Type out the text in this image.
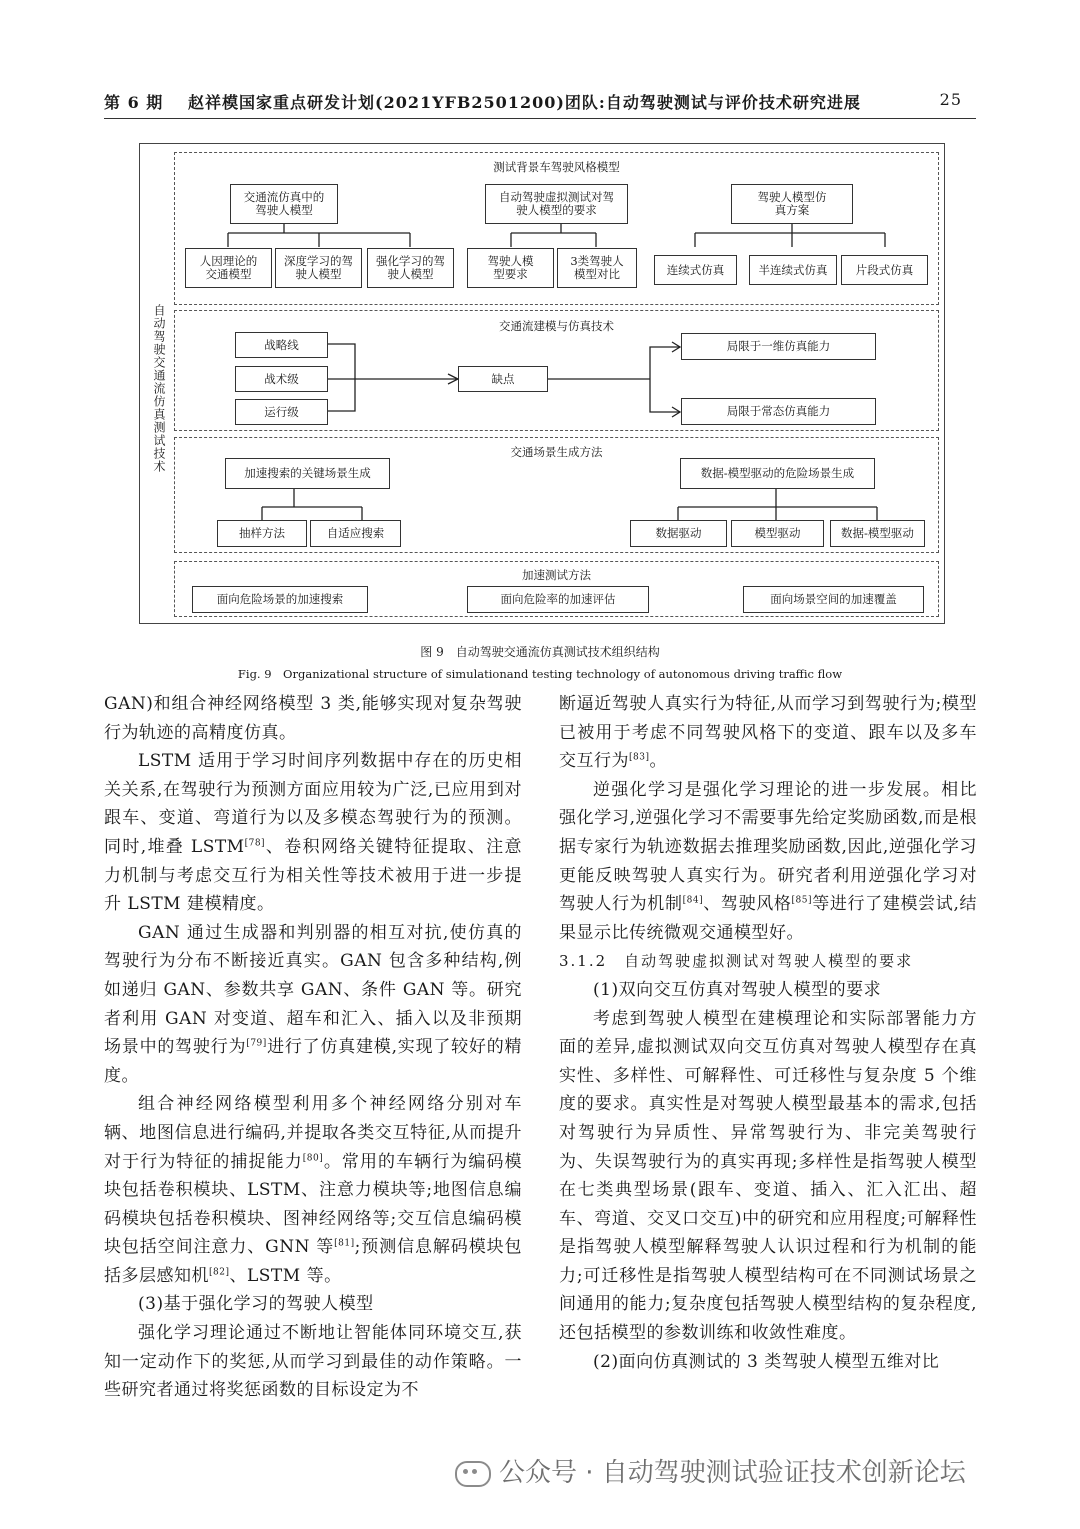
第 6 期 赵祥模国家重点研发计划(2021YFB2501200)团队:自动驾驶测试与评价技术研究进展	25
自动驾驶交通流仿真测试技术
测试背景车驾驶风格模型
交通流仿真中的驾驶人模型
自动驾驶虚拟测试对驾驶人模型的要求
驾驶人模型仿真方案
人因理论的交通模型
深度学习的驾驶人模型
强化学习的驾驶人模型
驾驶人模型要求
3类驾驶人模型对比	连续式仿真	半连续式仿真	片段式仿真
交通流建模与仿真技术
战略线
战术级
运行级
缺点
局限于一维仿真能力
局限于常态仿真能力
交通场景生成方法
加速搜索的关键场景生成	数据-模型驱动的危险场景生成
抽样方法	自适应搜索	数据驱动	模型驱动	数据-模型驱动
加速测试方法
面向危险场景的加速搜索	面向危险率的加速评估	面向场景空间的加速覆盖
图 9　自动驾驶交通流仿真测试技术组织结构
Fig. 9　Organizational structure of simulationand testing technology of autonomous driving traffic flow

GAN)和组合神经网络模型 3 类,能够实现对复杂驾驶行为轨迹的高精度仿真。

LSTM 适用于学习时间序列数据中存在的历史相关关系,在驾驶行为预测方面应用较为广泛,已应用到对跟车、变道、弯道行为以及多模态驾驶行为的预测。同时,堆叠 LSTM[78]、卷积网络关键特征提取、注意力机制与考虑交互行为相关性等技术被用于进一步提升 LSTM 建模精度。

GAN 通过生成器和判别器的相互对抗,使仿真的驾驶行为分布不断接近真实。GAN 包含多种结构,例如递归 GAN、参数共享 GAN、条件 GAN 等。研究者利用 GAN 对变道、超车和汇入、插入以及非预期场景中的驾驶行为[79]进行了仿真建模,实现了较好的精度。

组合神经网络模型利用多个神经网络分别对车辆、地图信息进行编码,并提取各类交互特征,从而提升对于行为特征的捕捉能力[80]。常用的车辆行为编码模块包括卷积模块、LSTM、注意力模块等;地图信息编码模块包括卷积模块、图神经网络等;交互信息编码模块包括空间注意力、GNN 等[81];预测信息解码模块包括多层感知机[82]、LSTM 等。

(3)基于强化学习的驾驶人模型

强化学习理论通过不断地让智能体同环境交互,获知一定动作下的奖惩,从而学习到最佳的动作策略。一些研究者通过将奖惩函数的目标设定为不

断逼近驾驶人真实行为特征,从而学习到驾驶行为;模型已被用于考虑不同驾驶风格下的变道、跟车以及多车交互行为[83]。

逆强化学习是强化学习理论的进一步发展。相比强化学习,逆强化学习不需要事先给定奖励函数,而是根据专家行为轨迹数据去推理奖励函数,因此,逆强化学习更能反映驾驶人真实行为。研究者利用逆强化学习对驾驶人行为机制[84]、驾驶风格[85]等进行了建模尝试,结果显示比传统微观交通模型好。

3.1.2　自动驾驶虚拟测试对驾驶人模型的要求

(1)双向交互仿真对驾驶人模型的要求

考虑到驾驶人模型在建模理论和实际部署能力方面的差异,虚拟测试双向交互仿真对驾驶人模型存在真实性、多样性、可解释性、可迁移性与复杂度 5 个维度的要求。真实性是对驾驶人模型最基本的需求,包括对驾驶行为异质性、异常驾驶行为、非完美驾驶行为、失误驾驶行为的真实再现;多样性是指驾驶人模型在七类典型场景(跟车、变道、插入、汇入汇出、超车、弯道、交叉口交互)中的研究和应用程度;可解释性是指驾驶人模型解释驾驶人认识过程和行为机制的能力;可迁移性是指驾驶人模型结构可在不同测试场景之间通用的能力;复杂度包括驾驶人模型结构的复杂程度,还包括模型的参数训练和收敛性难度。

(2)面向仿真测试的 3 类驾驶人模型五维对比

公众号 · 自动驾驶测试验证技术创新论坛
